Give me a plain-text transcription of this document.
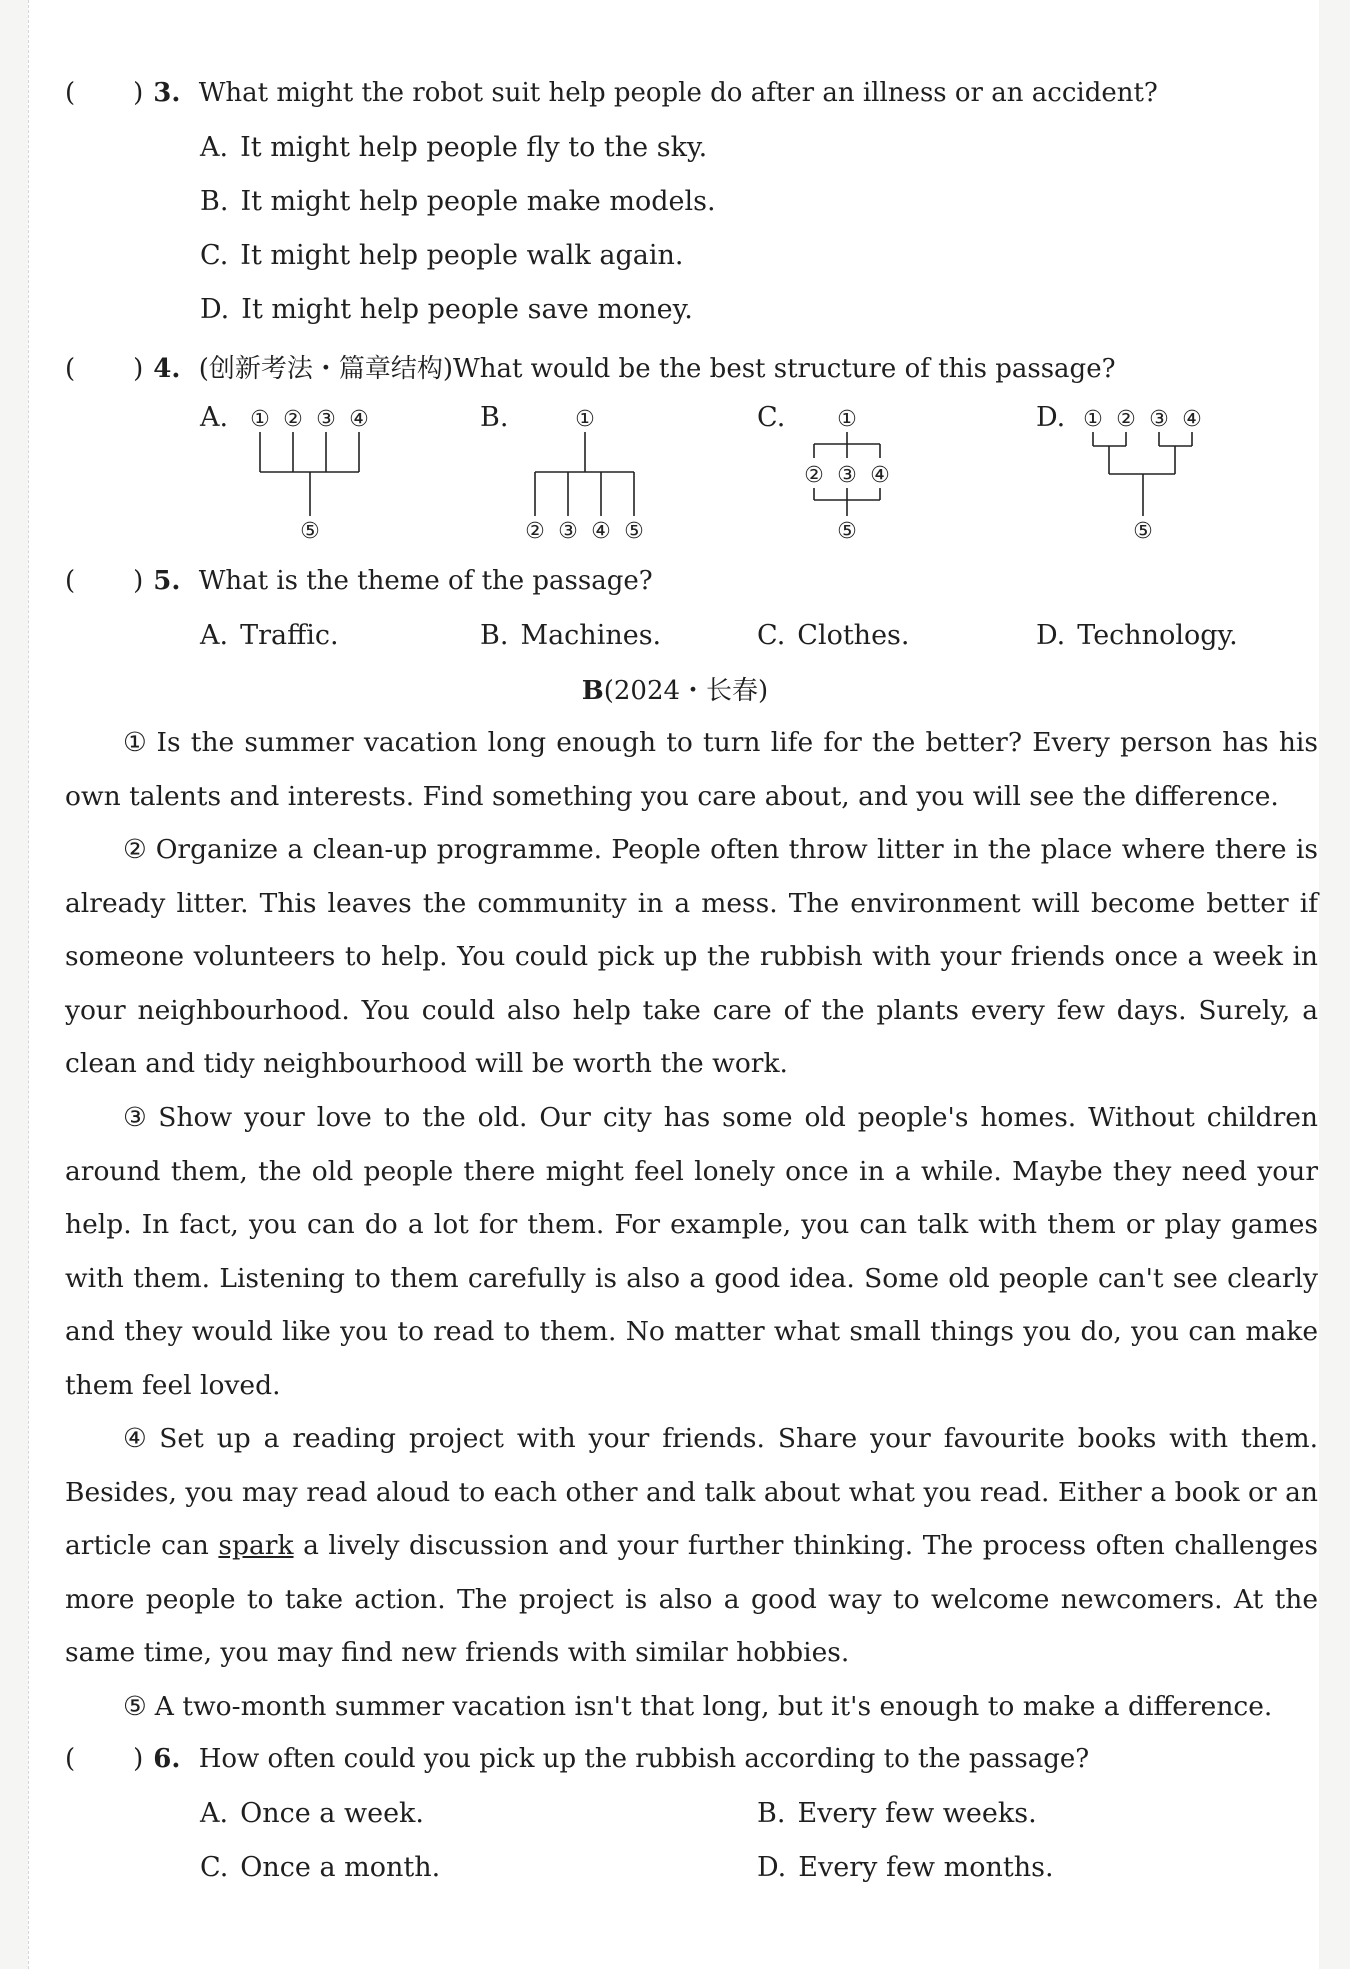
( ) 3. What might the robot suit help people do after an illness or an accident?
A. It might help people fly to the sky.
B. It might help people make models.
C. It might help people walk again.
D. It might help people save money.
( ) 4. (创新考法・篇章结构)What would be the best structure of this passage?
A. ① ② ③ ④
⑤
B.	①
② ③ ④ ⑤
C. ①
② ③ ④
⑤
D. ① ② ③ ④
⑤
( ) 5. What is the theme of the passage?
A. Traffic.	B. Machines.	C. Clothes.	D. Technology.
B(2024・长春)
① Is the summer vacation long enough to turn life for the better? Every person has his own talents and interests. Find something you care about, and you will see the difference.
② Organize a clean-up programme. People often throw litter in the place where there is already litter. This leaves the community in a mess. The environment will become better if someone volunteers to help. You could pick up the rubbish with your friends once a week in your neighbourhood. You could also help take care of the plants every few days. Surely, a clean and tidy neighbourhood will be worth the work.
③ Show your love to the old. Our city has some old people's homes. Without children around them, the old people there might feel lonely once in a while. Maybe they need your help. In fact, you can do a lot for them. For example, you can talk with them or play games with them. Listening to them carefully is also a good idea. Some old people can't see clearly and they would like you to read to them. No matter what small things you do, you can make them feel loved.
④ Set up a reading project with your friends. Share your favourite books with them. Besides, you may read aloud to each other and talk about what you read. Either a book or an article can spark a lively discussion and your further thinking. The process often challenges more people to take action. The project is also a good way to welcome newcomers. At the same time, you may find new friends with similar hobbies.
⑤ A two-month summer vacation isn't that long, but it's enough to make a difference.
( ) 6. How often could you pick up the rubbish according to the passage?
A. Once a week.	B. Every few weeks.
C. Once a month.	D. Every few months.
